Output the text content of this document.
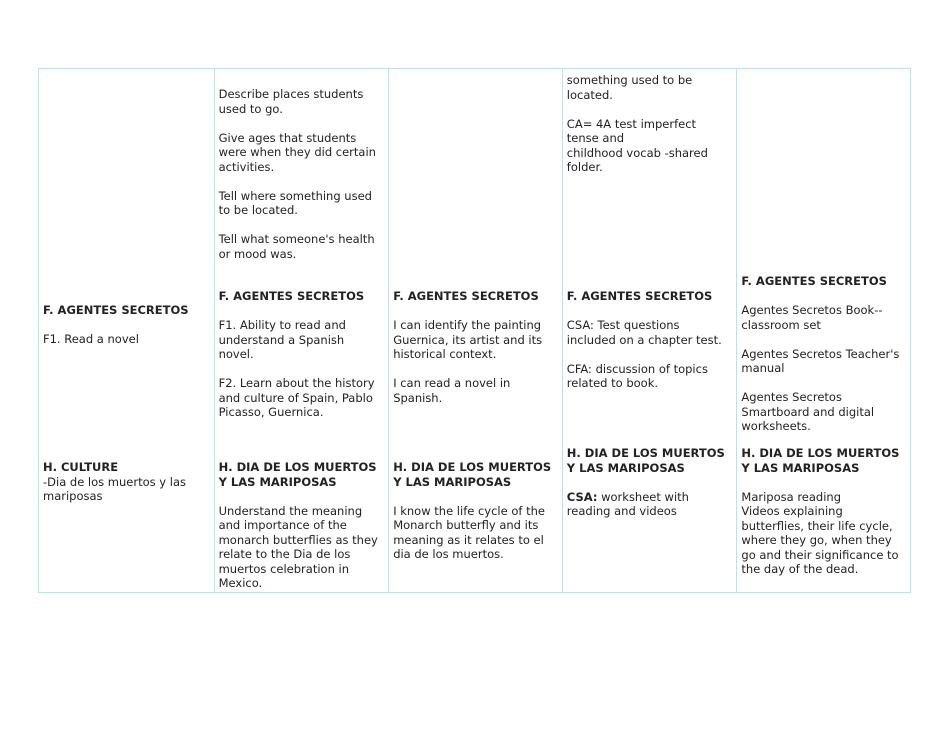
F. AGENTES SECRETOS

F1. Read a novel

H. CULTURE
-Dia de los muertos y las mariposas

Describe places students used to go.

Give ages that students were when they did certain activities.

Tell where something used to be located.

Tell what someone's health or mood was.

F. AGENTES SECRETOS

F1. Ability to read and understand a Spanish novel.

F2. Learn about the history and culture of Spain, Pablo Picasso, Guernica.

H. DIA DE LOS MUERTOS Y LAS MARIPOSAS

Understand the meaning and importance of the monarch butterflies as they relate to the Dia de los muertos celebration in Mexico.

F. AGENTES SECRETOS

I can identify the painting Guernica, its artist and its historical context.

I can read a novel in Spanish.

H. DIA DE LOS MUERTOS Y LAS MARIPOSAS

I know the life cycle of the Monarch butterfly and its meaning as it relates to el dia de los muertos.

something used to be located.

CA= 4A test imperfect tense and
childhood vocab -shared folder.

F. AGENTES SECRETOS

CSA: Test questions included on a chapter test.

CFA: discussion of topics related to book.

H. DIA DE LOS MUERTOS Y LAS MARIPOSAS

CSA: worksheet with reading and videos

F. AGENTES SECRETOS

Agentes Secretos Book--classroom set

Agentes Secretos Teacher's manual

Agentes Secretos Smartboard and digital worksheets.

H. DIA DE LOS MUERTOS Y LAS MARIPOSAS

Mariposa reading
Videos explaining butterflies, their life cycle, where they go, when they go and their significance to the day of the dead.
